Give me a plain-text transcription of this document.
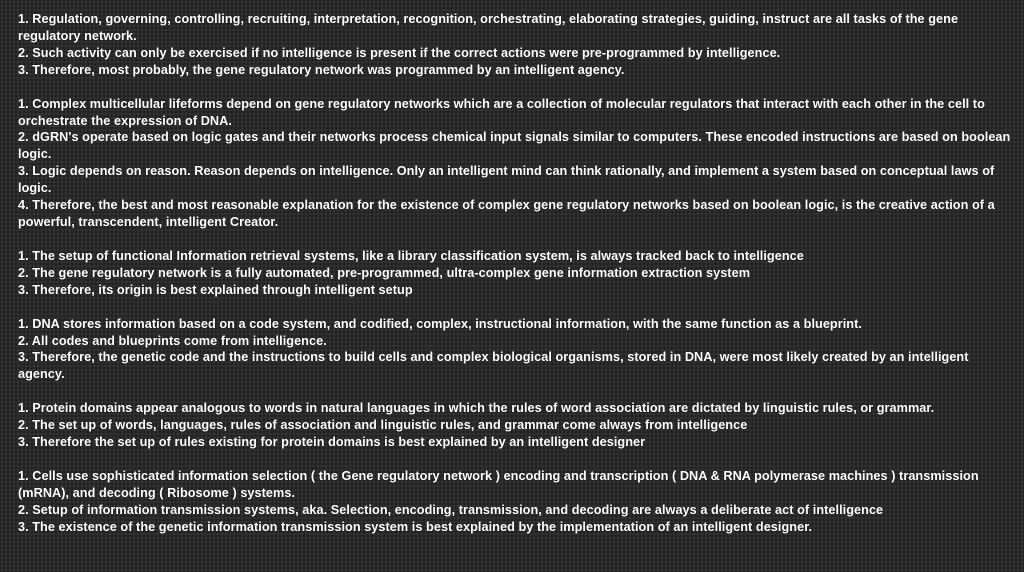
1. Regulation, governing, controlling, recruiting, interpretation, recognition, orchestrating, elaborating strategies, guiding, instruct are all tasks of the gene regulatory network.
2. Such activity can only be exercised if no intelligence is present if the correct actions were pre-programmed by intelligence.
3. Therefore, most probably, the gene regulatory network was programmed by an intelligent agency.
1. Complex multicellular lifeforms depend on gene regulatory networks which are a collection of molecular regulators that interact with each other in the cell to orchestrate the expression of DNA.
2. dGRN's operate based on logic gates and their networks process chemical input signals similar to computers. These encoded instructions are based on boolean logic.
3. Logic depends on reason. Reason depends on intelligence. Only an intelligent mind can think rationally, and implement a system based on conceptual laws of logic.
4. Therefore, the best and most reasonable explanation for the existence of complex gene regulatory networks based on boolean logic, is the creative action of a powerful, transcendent, intelligent Creator.
1. The setup of functional Information retrieval systems, like a library classification system, is always tracked back to intelligence
2. The gene regulatory network is a fully automated, pre-programmed, ultra-complex gene information extraction system
3. Therefore, its origin is best explained through intelligent setup
1. DNA stores information based on a code system, and codified, complex, instructional information, with the same function as a blueprint.
2. All codes and blueprints come from intelligence.
3. Therefore, the genetic code and the instructions to build cells and complex biological organisms, stored in DNA, were most likely created by an intelligent agency.
1. Protein domains appear analogous to words in natural languages in which the rules of word association are dictated by linguistic rules, or grammar.
2. The set up of words, languages, rules of association and linguistic rules, and grammar come always from intelligence
3. Therefore the set up of rules existing for protein domains is best explained by an intelligent designer
1. Cells use sophisticated information selection ( the Gene regulatory network ) encoding and transcription ( DNA & RNA polymerase machines ) transmission (mRNA), and decoding ( Ribosome ) systems.
2. Setup of information transmission systems, aka. Selection, encoding, transmission, and decoding are always a deliberate act of intelligence
3. The existence of the genetic information transmission system is best explained by the implementation of an intelligent designer.
